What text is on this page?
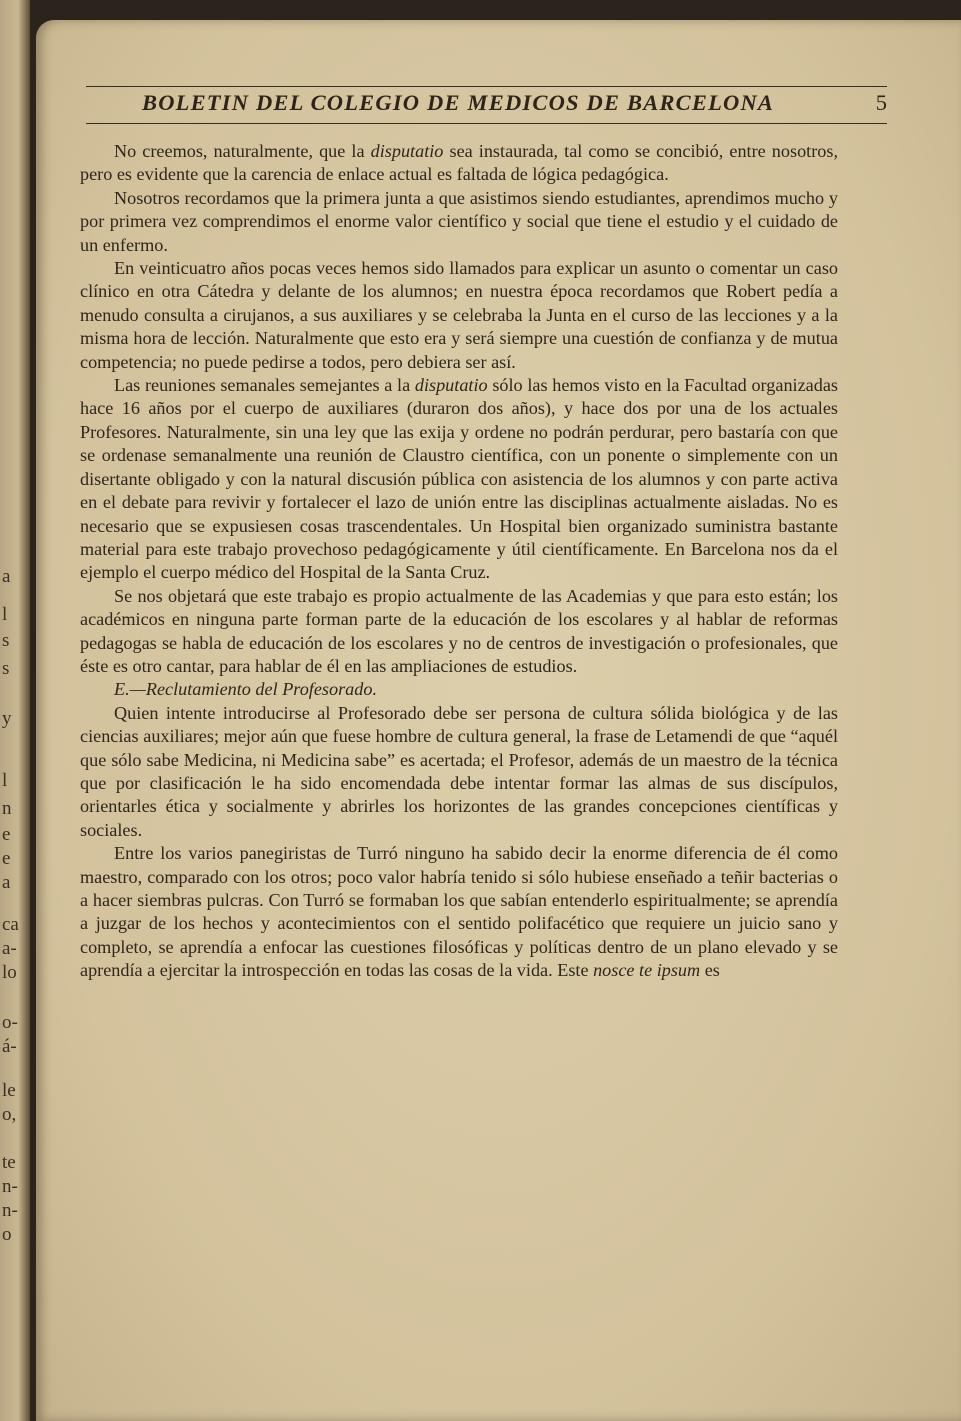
a
l
s
s
y
l
n
e
e
a
ca
a-
lo
o-
á-
le
o,
te
n-
n-
o
BOLETIN DEL COLEGIO DE MEDICOS DE BARCELONA	5

No creemos, naturalmente, que la disputatio sea instaurada, tal como se concibió, entre nosotros, pero es evidente que la carencia de enlace actual es faltada de lógica pedagógica.

Nosotros recordamos que la primera junta a que asistimos siendo estudiantes, aprendimos mucho y por primera vez comprendimos el enorme valor científico y social que tiene el estudio y el cuidado de un enfermo.

En veinticuatro años pocas veces hemos sido llamados para explicar un asunto o comentar un caso clínico en otra Cátedra y delante de los alumnos; en nuestra época recordamos que Robert pedía a menudo consulta a cirujanos, a sus auxiliares y se celebraba la Junta en el curso de las lecciones y a la misma hora de lección. Naturalmente que esto era y será siempre una cuestión de confianza y de mutua competencia; no puede pedirse a todos, pero debiera ser así.

Las reuniones semanales semejantes a la disputatio sólo las hemos visto en la Facultad organizadas hace 16 años por el cuerpo de auxiliares (duraron dos años), y hace dos por una de los actuales Profesores. Naturalmente, sin una ley que las exija y ordene no podrán perdurar, pero bastaría con que se ordenase semanalmente una reunión de Claustro científica, con un ponente o simplemente con un disertante obligado y con la natural discusión pública con asistencia de los alumnos y con parte activa en el debate para revivir y fortalecer el lazo de unión entre las disciplinas actualmente aisladas. No es necesario que se expusiesen cosas trascendentales. Un Hospital bien organizado suministra bastante material para este trabajo provechoso pedagógicamente y útil científicamente. En Barcelona nos da el ejemplo el cuerpo médico del Hospital de la Santa Cruz.

Se nos objetará que este trabajo es propio actualmente de las Academias y que para esto están; los académicos en ninguna parte forman parte de la educación de los escolares y al hablar de reformas pedagogas se habla de educación de los escolares y no de centros de investigación o profesionales, que éste es otro cantar, para hablar de él en las ampliaciones de estudios.

E.—Reclutamiento del Profesorado.

Quien intente introducirse al Profesorado debe ser persona de cultura sólida biológica y de las ciencias auxiliares; mejor aún que fuese hombre de cultura general, la frase de Letamendi de que “aquél que sólo sabe Medicina, ni Medicina sabe” es acertada; el Profesor, además de un maestro de la técnica que por clasificación le ha sido encomendada debe intentar formar las almas de sus discípulos, orientarles ética y socialmente y abrirles los horizontes de las grandes concepciones científicas y sociales.

Entre los varios panegiristas de Turró ninguno ha sabido decir la enorme diferencia de él como maestro, comparado con los otros; poco valor habría tenido si sólo hubiese enseñado a teñir bacterias o a hacer siembras pulcras. Con Turró se formaban los que sabían entenderlo espiritualmente; se aprendía a juzgar de los hechos y acontecimientos con el sentido polifacético que requiere un juicio sano y completo, se aprendía a enfocar las cuestiones filosóficas y políticas dentro de un plano elevado y se aprendía a ejercitar la introspección en todas las cosas de la vida. Este nosce te ipsum es
